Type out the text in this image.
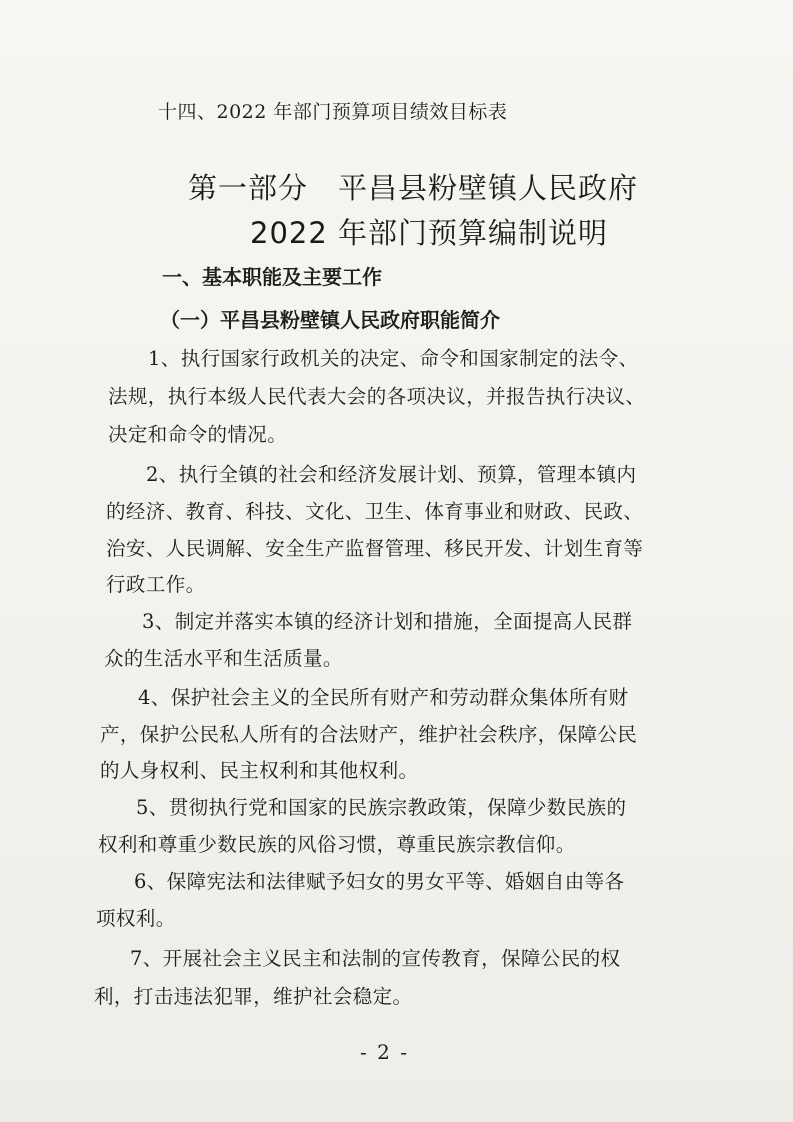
十四、2022 年部门预算项目绩效目标表
第一部分　平昌县粉壁镇人民政府
2022 年部门预算编制说明
一、基本职能及主要工作
（一）平昌县粉壁镇人民政府职能简介
1、执行国家行政机关的决定、命令和国家制定的法令、
法规，执行本级人民代表大会的各项决议，并报告执行决议、
决定和命令的情况。
2、执行全镇的社会和经济发展计划、预算，管理本镇内
的经济、教育、科技、文化、卫生、体育事业和财政、民政、
治安、人民调解、安全生产监督管理、移民开发、计划生育等
行政工作。
3、制定并落实本镇的经济计划和措施，全面提高人民群
众的生活水平和生活质量。
4、保护社会主义的全民所有财产和劳动群众集体所有财
产，保护公民私人所有的合法财产，维护社会秩序，保障公民
的人身权利、民主权利和其他权利。
5、贯彻执行党和国家的民族宗教政策，保障少数民族的
权利和尊重少数民族的风俗习惯，尊重民族宗教信仰。
6、保障宪法和法律赋予妇女的男女平等、婚姻自由等各
项权利。
7、开展社会主义民主和法制的宣传教育，保障公民的权
利，打击违法犯罪，维护社会稳定。
- 2 -
